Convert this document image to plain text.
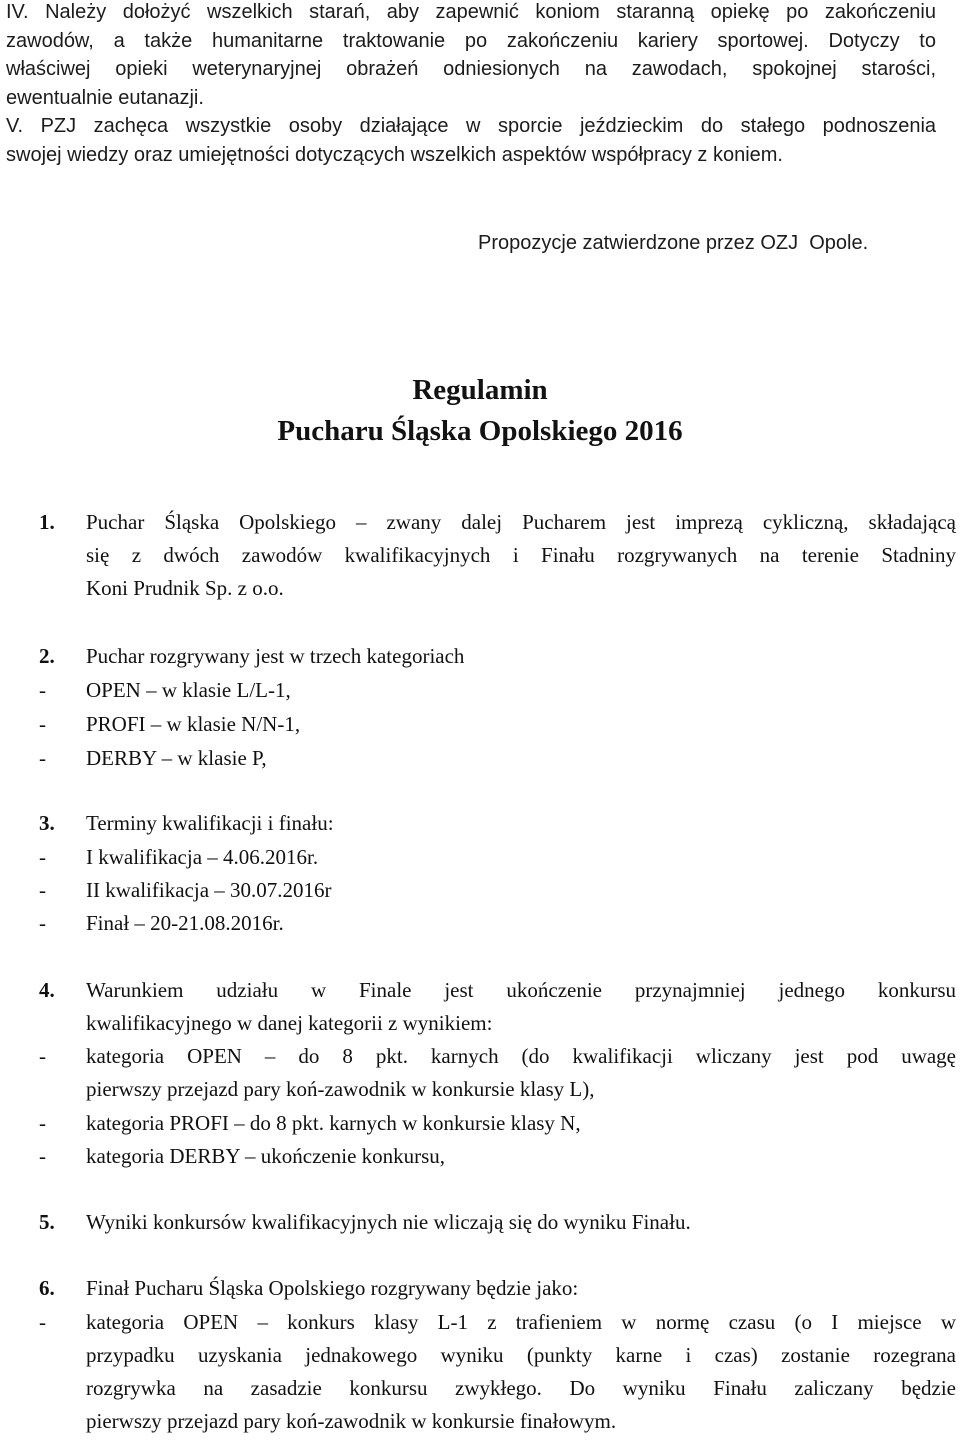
IV. Należy dołożyć wszelkich starań, aby zapewnić koniom staranną opiekę po zakończeniu
zawodów, a także humanitarne traktowanie po zakończeniu kariery sportowej. Dotyczy to
właściwej opieki weterynaryjnej obrażeń odniesionych na zawodach, spokojnej starości,
ewentualnie eutanazji.
V. PZJ zachęca wszystkie osoby działające w sporcie jeździeckim do stałego podnoszenia
swojej wiedzy oraz umiejętności dotyczących wszelkich aspektów współpracy z koniem.
Propozycje zatwierdzone przez OZJ  Opole.
Regulamin
Pucharu Śląska Opolskiego 2016
1. Puchar Śląska Opolskiego – zwany dalej Pucharem jest imprezą cykliczną, składającą
się z dwóch zawodów kwalifikacyjnych i Finału rozgrywanych na terenie Stadniny
Koni Prudnik Sp. z o.o.
2. Puchar rozgrywany jest w trzech kategoriach
- OPEN – w klasie L/L-1,
- PROFI – w klasie N/N-1,
- DERBY – w klasie P,
3. Terminy kwalifikacji i finału:
- I kwalifikacja – 4.06.2016r.
- II kwalifikacja – 30.07.2016r
- Finał – 20-21.08.2016r.
4. Warunkiem udziału w Finale jest ukończenie przynajmniej jednego konkursu
kwalifikacyjnego w danej kategorii z wynikiem:
- kategoria OPEN – do 8 pkt. karnych (do kwalifikacji wliczany jest pod uwagę
pierwszy przejazd pary koń-zawodnik w konkursie klasy L),
- kategoria PROFI – do 8 pkt. karnych w konkursie klasy N,
- kategoria DERBY – ukończenie konkursu,
5. Wyniki konkursów kwalifikacyjnych nie wliczają się do wyniku Finału.
6. Finał Pucharu Śląska Opolskiego rozgrywany będzie jako:
- kategoria OPEN – konkurs klasy L-1 z trafieniem w normę czasu (o I miejsce w
przypadku uzyskania jednakowego wyniku (punkty karne i czas) zostanie rozegrana
rozgrywka na zasadzie konkursu zwykłego. Do wyniku Finału zaliczany będzie
pierwszy przejazd pary koń-zawodnik w konkursie finałowym.
